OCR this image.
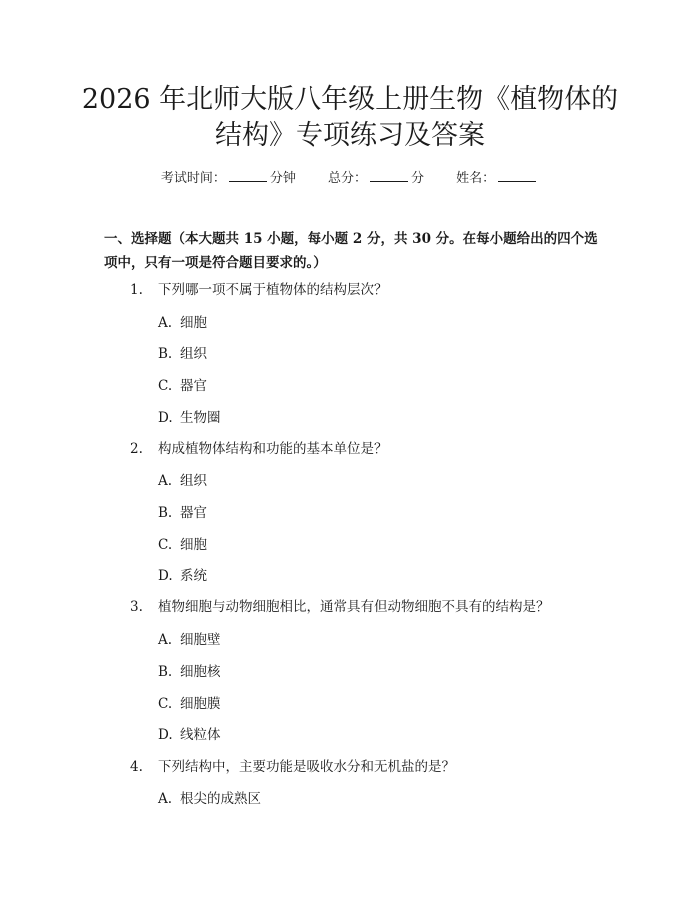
2026 年北师大版八年级上册生物《植物体的
结构》专项练习及答案
考试时间：	分钟 总分：	分 姓名：

一、选择题（本大题共 15 小题，每小题 2 分，共 30 分。在每小题给出的四个选项中，只有一项是符合题目要求的。）

1. 下列哪一项不属于植物体的结构层次？
A. 细胞
B. 组织
C. 器官
D. 生物圈
2. 构成植物体结构和功能的基本单位是？
A. 组织
B. 器官
C. 细胞
D. 系统
3. 植物细胞与动物细胞相比，通常具有但动物细胞不具有的结构是？
A. 细胞壁
B. 细胞核
C. 细胞膜
D. 线粒体
4. 下列结构中，主要功能是吸收水分和无机盐的是？
A. 根尖的成熟区
